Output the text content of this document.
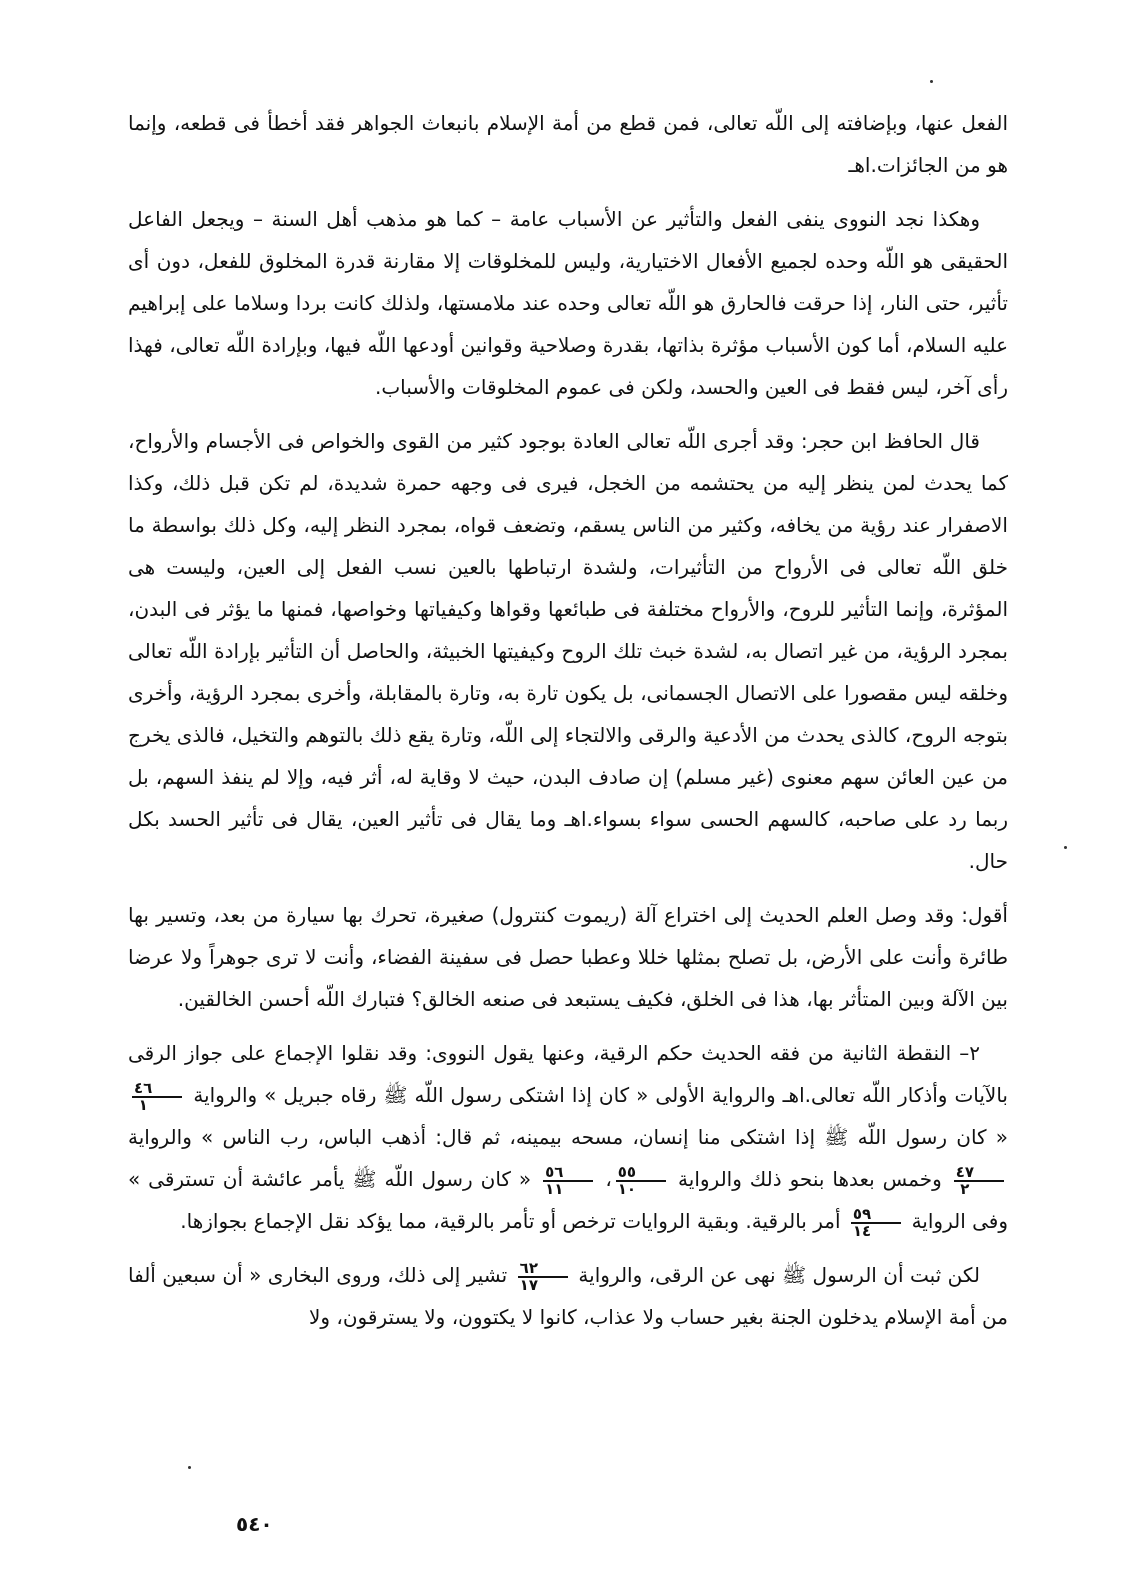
الفعل عنها، وبإضافته إلى اللّه تعالى، فمن قطع من أمة الإسلام بانبعاث الجواهر فقد أخطأ فى قطعه، وإنما هو من الجائزات.اهـ

وهكذا نجد النووى ينفى الفعل والتأثير عن الأسباب عامة – كما هو مذهب أهل السنة – ويجعل الفاعل الحقيقى هو اللّه وحده لجميع الأفعال الاختيارية، وليس للمخلوقات إلا مقارنة قدرة المخلوق للفعل، دون أى تأثير، حتى النار، إذا حرقت فالحارق هو اللّه تعالى وحده عند ملامستها، ولذلك كانت بردا وسلاما على إبراهيم عليه السلام، أما كون الأسباب مؤثرة بذاتها، بقدرة وصلاحية وقوانين أودعها اللّه فيها، وبإرادة اللّه تعالى، فهذا رأى آخر، ليس فقط فى العين والحسد، ولكن فى عموم المخلوقات والأسباب.

قال الحافظ ابن حجر: وقد أجرى اللّه تعالى العادة بوجود كثير من القوى والخواص فى الأجسام والأرواح، كما يحدث لمن ينظر إليه من يحتشمه من الخجل، فيرى فى وجهه حمرة شديدة، لم تكن قبل ذلك، وكذا الاصفرار عند رؤية من يخافه، وكثير من الناس يسقم، وتضعف قواه، بمجرد النظر إليه، وكل ذلك بواسطة ما خلق اللّه تعالى فى الأرواح من التأثيرات، ولشدة ارتباطها بالعين نسب الفعل إلى العين، وليست هى المؤثرة، وإنما التأثير للروح، والأرواح مختلفة فى طبائعها وقواها وكيفياتها وخواصها، فمنها ما يؤثر فى البدن، بمجرد الرؤية، من غير اتصال به، لشدة خبث تلك الروح وكيفيتها الخبيثة، والحاصل أن التأثير بإرادة اللّه تعالى وخلقه ليس مقصورا على الاتصال الجسمانى، بل يكون تارة به، وتارة بالمقابلة، وأخرى بمجرد الرؤية، وأخرى بتوجه الروح، كالذى يحدث من الأدعية والرقى والالتجاء إلى اللّه، وتارة يقع ذلك بالتوهم والتخيل، فالذى يخرج من عين العائن سهم معنوى (غير مسلم) إن صادف البدن، حيث لا وقاية له، أثر فيه، وإلا لم ينفذ السهم، بل ربما رد على صاحبه، كالسهم الحسى سواء بسواء.اهـ وما يقال فى تأثير العين، يقال فى تأثير الحسد بكل حال.

أقول: وقد وصل العلم الحديث إلى اختراع آلة (ريموت كنترول) صغيرة، تحرك بها سيارة من بعد، وتسير بها طائرة وأنت على الأرض، بل تصلح بمثلها خللا وعطبا حصل فى سفينة الفضاء، وأنت لا ترى جوهراً ولا عرضا بين الآلة وبين المتأثر بها، هذا فى الخلق، فكيف يستبعد فى صنعه الخالق؟ فتبارك اللّه أحسن الخالقين.

٢– النقطة الثانية من فقه الحديث حكم الرقية، وعنها يقول النووى: وقد نقلوا الإجماع على جواز الرقى بالآيات وأذكار اللّه تعالى.اهـ والرواية الأولى « كان إذا اشتكى رسول اللّه ﷺ رقاه جبريل » والرواية
$\frac{٤٦}{١}$
« كان رسول اللّه ﷺ إذا اشتكى منا إنسان، مسحه بيمينه، ثم قال: أذهب الباس، رب الناس » والرواية
$\frac{٤٧}{٢}$
وخمس بعدها بنحو ذلك والرواية
$\frac{٥٥}{١٠}$
،
$\frac{٥٦}{١١}$
« كان رسول اللّه ﷺ يأمر عائشة أن تسترقى » وفى الرواية
$\frac{٥٩}{١٤}$
أمر بالرقية. وبقية الروايات ترخص أو تأمر بالرقية، مما يؤكد نقل الإجماع بجوازها.

لكن ثبت أن الرسول ﷺ نهى عن الرقى، والرواية
$\frac{٦٢}{١٧}$
تشير إلى ذلك، وروى البخارى « أن سبعين ألفا من أمة الإسلام يدخلون الجنة بغير حساب ولا عذاب، كانوا لا يكتوون، ولا يسترقون، ولا

٥٤٠
